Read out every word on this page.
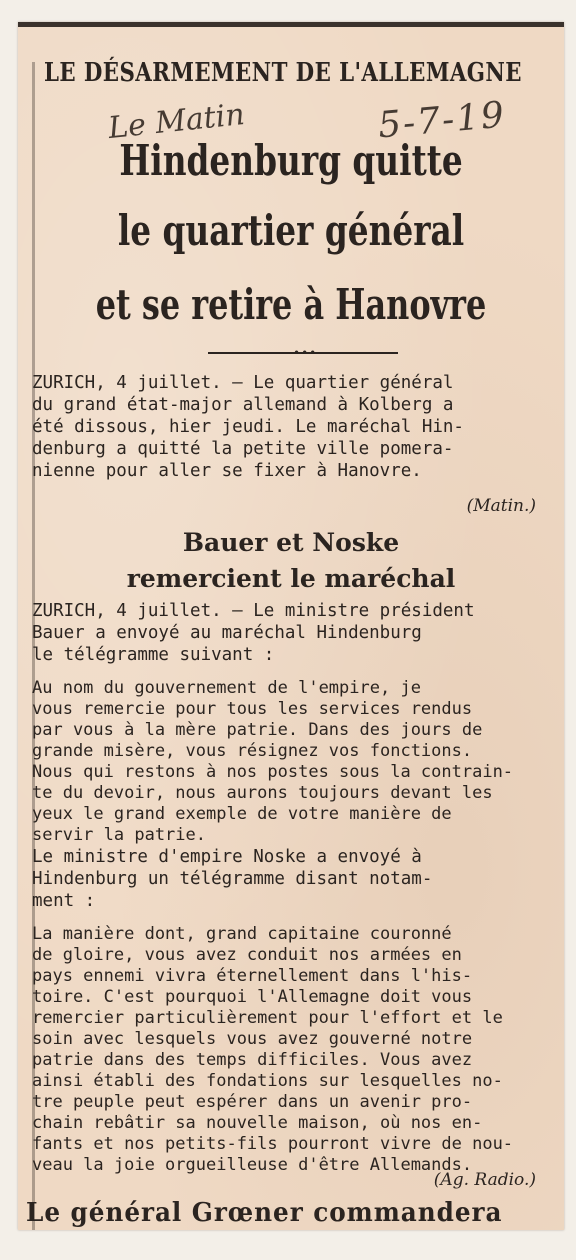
LE DÉSARMEMENT DE L'ALLEMAGNE
Le Matin	5-7-19
Hindenburg quitte
le quartier général
et se retire à Hanovre
•••
ZURICH, 4 juillet. — Le quartier général
du grand état-major allemand à Kolberg a
été dissous, hier jeudi. Le maréchal Hin-
denburg a quitté la petite ville pomera-
nienne pour aller se fixer à Hanovre.
(Matin.)
Bauer et Noske
remercient le maréchal
ZURICH, 4 juillet. — Le ministre président
Bauer a envoyé au maréchal Hindenburg
le télégramme suivant :
Au nom du gouvernement de l'empire, je
vous remercie pour tous les services rendus
par vous à la mère patrie. Dans des jours de
grande misère, vous résignez vos fonctions.
Nous qui restons à nos postes sous la contrain-
te du devoir, nous aurons toujours devant les
yeux le grand exemple de votre manière de
servir la patrie.
Le ministre d'empire Noske a envoyé à
Hindenburg un télégramme disant notam-
ment :
La manière dont, grand capitaine couronné
de gloire, vous avez conduit nos armées en
pays ennemi vivra éternellement dans l'his-
toire. C'est pourquoi l'Allemagne doit vous
remercier particulièrement pour l'effort et le
soin avec lesquels vous avez gouverné notre
patrie dans des temps difficiles. Vous avez
ainsi établi des fondations sur lesquelles no-
tre peuple peut espérer dans un avenir pro-
chain rebâtir sa nouvelle maison, où nos en-
fants et nos petits-fils pourront vivre de nou-
veau la joie orgueilleuse d'être Allemands.
(Ag. Radio.)
Le général Grœner commandera
